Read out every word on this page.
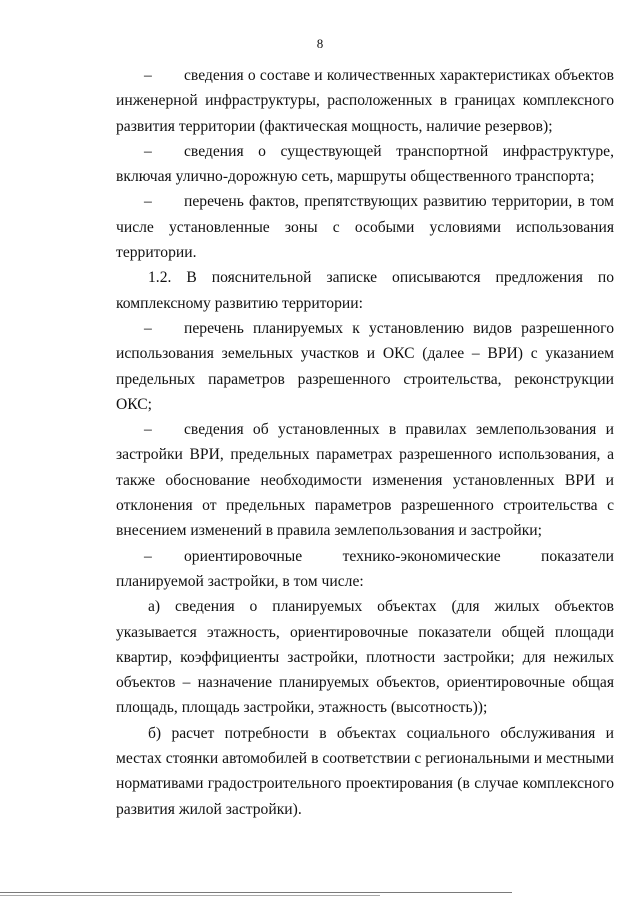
8

– сведения о составе и количественных характеристиках объектов инженерной инфраструктуры, расположенных в границах комплексного развития территории (фактическая мощность, наличие резервов);

– сведения о существующей транспортной инфраструктуре, включая улично-дорожную сеть, маршруты общественного транспорта;

– перечень фактов, препятствующих развитию территории, в том числе установленные зоны с особыми условиями использования территории.

1.2. В пояснительной записке описываются предложения по комплексному развитию территории:

– перечень планируемых к установлению видов разрешенного использования земельных участков и ОКС (далее – ВРИ) с указанием предельных параметров разрешенного строительства, реконструкции ОКС;

– сведения об установленных в правилах землепользования и застройки ВРИ, предельных параметрах разрешенного использования, а также обоснование необходимости изменения установленных ВРИ и отклонения от предельных параметров разрешенного строительства с внесением изменений в правила землепользования и застройки;

– ориентировочные технико-экономические показатели планируемой застройки, в том числе:

а) сведения о планируемых объектах (для жилых объектов указывается этажность, ориентировочные показатели общей площади квартир, коэффициенты застройки, плотности застройки; для нежилых объектов – назначение планируемых объектов, ориентировочные общая площадь, площадь застройки, этажность (высотность));

б) расчет потребности в объектах социального обслуживания и местах стоянки автомобилей в соответствии с региональными и местными нормативами градостроительного проектирования (в случае комплексного развития жилой застройки).
